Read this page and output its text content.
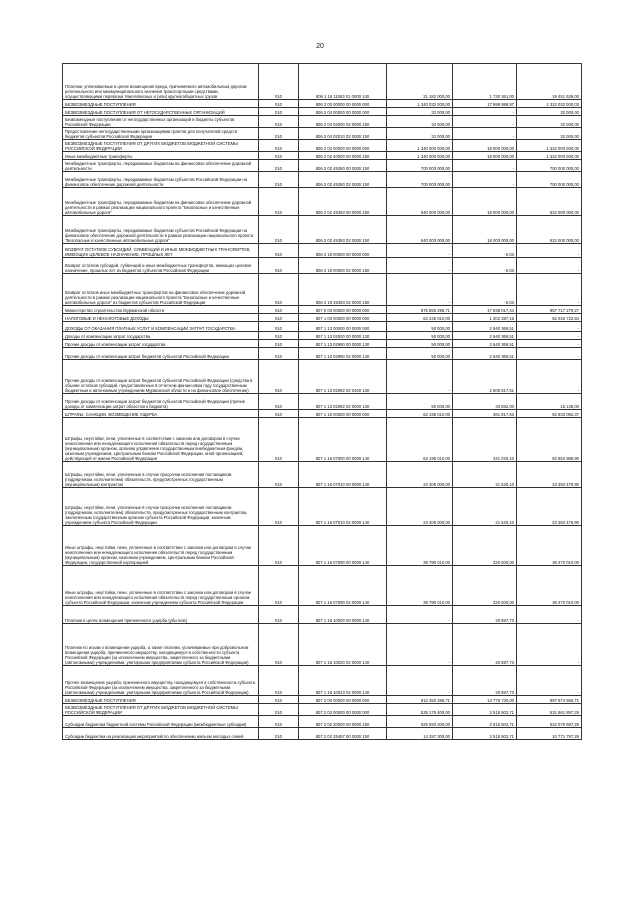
20
Платежи, уплачиваемые в целях возмещения вреда, причиняемого автомобильным дорогам регионального или межмуниципального значения транспортными средствами, осуществляющими перевозки тяжеловесных и (или) крупногабаритных грузов	010	806 1 16 11063 01 0000 140	21 182 000,00	1 730 361,00	19 451 639,00
БЕЗВОЗМЕЗДНЫЕ ПОСТУПЛЕНИЯ	010	806 2 00 00000 00 0000 000	1 340 032 000,00	17 999 999,97	1 322 032 000,03
БЕЗВОЗМЕЗДНЫЕ ПОСТУПЛЕНИЯ ОТ НЕГОСУДАРСТВЕННЫХ ОРГАНИЗАЦИЙ	010	806 2 04 00000 00 0000 000	32 000,00	-	32 000,00
Безвозмездные поступления от негосударственных организаций в бюджеты субъектов Российской Федерации	010	806 2 04 02000 02 0000 150	32 000,00	-	32 000,00
Предоставление негосударственными организациями грантов для получателей средств бюджетов субъектов Российской Федерации	010	806 2 04 02010 02 0000 150	32 000,00	-	32 000,00
БЕЗВОЗМЕЗДНЫЕ ПОСТУПЛЕНИЯ ОТ ДРУГИХ БЮДЖЕТОВ БЮДЖЕТНОЙ СИСТЕМЫ РОССИЙСКОЙ ФЕДЕРАЦИИ	010	806 2 02 00000 00 0000 000	1 340 000 000,00	18 000 000,00	1 322 000 000,00
Иные межбюджетные трансферты	010	806 2 02 40000 00 0000 150	1 340 000 000,00	18 000 000,00	1 322 000 000,00
Межбюджетные трансферты, передаваемые бюджетам на финансовое обеспечение дорожной деятельности	010	806 2 02 45390 00 0000 150	700 000 000,00	-	700 000 000,00
Межбюджетные трансферты, передаваемые бюджетам субъектов Российской Федерации на финансовое обеспечение дорожной деятельности	010	806 2 02 45390 02 0000 150	700 000 000,00	-	700 000 000,00
Межбюджетные трансферты, передаваемые бюджетам на финансовое обеспечение дорожной деятельности в рамках реализации национального проекта "Безопасные и качественные автомобильные дороги"	010	806 2 02 45393 00 0000 150	640 000 000,00	18 000 000,00	622 000 000,00
Межбюджетные трансферты, передаваемые бюджетам субъектов Российской Федерации на финансовое обеспечение дорожной деятельности в рамках реализации национального проекта "Безопасные и качественные автомобильные дороги"	010	806 2 02 45393 02 0000 150	640 000 000,00	18 000 000,00	622 000 000,00
ВОЗВРАТ ОСТАТКОВ СУБСИДИЙ, СУБВЕНЦИЙ И ИНЫХ МЕЖБЮДЖЕТНЫХ ТРАНСФЕРТОВ, ИМЕЮЩИХ ЦЕЛЕВОЕ НАЗНАЧЕНИЕ, ПРОШЛЫХ ЛЕТ	010	806 2 19 00000 00 0000 000	-	-0,03	-
Возврат остатков субсидий, субвенций и иных межбюджетных трансфертов, имеющих целевое назначение, прошлых лет из бюджетов субъектов Российской Федерации	010	806 2 19 00000 02 0000 150	-	-0,03	-
Возврат остатков иных межбюджетных трансфертов на финансовое обеспечение дорожной деятельности в рамках реализации национального проекта "Безопасные и качественные автомобильные дороги" из бюджетов субъектов Российской Федерации	010	806 2 19 45393 02 0000 150	-	-0,03	-
Министерство строительства Мурманской области	010	807 0 00 00000 00 0000 000	975 655 296,71	17 938 017,44	957 717 279,27
НАЛОГОВЫЕ И НЕНАЛОГОВЫЕ ДОХОДЫ	010	807 1 00 00000 00 0000 000	63 245 010,00	1 202 287,16	62 042 722,84
ДОХОДЫ ОТ ОКАЗАНИЯ ПЛАТНЫХ УСЛУГ И КОМПЕНСАЦИИ ЗАТРАТ ГОСУДАРСТВА	010	807 1 13 00000 00 0000 000	50 000,00	2 640 369,51	-
Доходы от компенсации затрат государства	010	807 1 13 02000 00 0000 130	50 000,00	2 640 369,51	-
Прочие доходы от компенсации затрат государства	010	807 1 13 02990 00 0000 130	50 000,00	2 640 369,51	-
Прочие доходы от компенсации затрат бюджетов субъектов Российской Федерации	010	807 1 13 02990 02 0000 130	50 000,00	2 640 369,51	-
Прочие доходы от компенсации затрат бюджетов субъектов Российской Федерации (средства в объеме остатков субсидий, предоставленных в отчетном финансовом году государственным бюджетным и автономным учреждениям Мурманской области и на финансовое обеспечение)	010	807 1 13 02992 02 0400 130	-	2 606 517,51	-
Прочие доходы от компенсации затрат бюджетов субъектов Российской Федерации (прочие доходы от компенсации затрат областного бюджета)	010	807 1 13 02992 02 0000 130	50 000,00	33 852,00	16 148,00
ШТРАФЫ, САНКЦИИ, ВОЗМЕЩЕНИЕ УЩЕРБА	010	807 1 16 00000 00 0000 000	63 195 010,00	361 917,63	62 833 092,37
Штрафы, неустойки, пени, уплаченные в соответствии с законом или договором в случае неисполнения или ненадлежащего исполнения обязательств перед государственным (муниципальным) органом, органом управления государственным внебюджетным фондом, казенным учреждением, Центральным банком Российской Федерации, иной организацией, действующей от имени Российской Федерации	010	807 1 16 07000 00 0000 140	63 195 010,00	341 020,10	62 853 989,90
Штрафы, неустойки, пени, уплаченные в случае просрочки исполнения поставщиком (подрядчиком, исполнителем) обязательств, предусмотренных государственным (муниципальным) контрактом	010	807 1 16 07010 00 0000 140	23 405 000,00	21 520,10	23 383 479,90
Штрафы, неустойки, пени, уплаченные в случае просрочки исполнения поставщиком (подрядчиком, исполнителем) обязательств, предусмотренных государственным контрактом, заключенным государственным органом субъекта Российской Федерации, казенным учреждением субъекта Российской Федерации	010	807 1 16 07010 02 0000 140	23 405 000,00	21 520,10	23 383 479,90
Иные штрафы, неустойки, пени, уплаченные в соответствии с законом или договором в случае неисполнения или ненадлежащего исполнения обязательств перед государственным (муниципальным) органом, казенным учреждением, Центральным банком Российской Федерации, государственной корпорацией	010	807 1 16 07090 00 0000 140	39 790 010,00	320 000,00	39 470 010,00
Иные штрафы, неустойки, пени, уплаченные в соответствии с законом или договором в случае неисполнения или ненадлежащего исполнения обязательств перед государственным органом субъекта Российской Федерации, казенным учреждением субъекта Российской Федерации	010	807 1 16 07090 02 0000 140	39 790 010,00	320 000,00	39 470 010,00
Платежи в целях возмещения причиненного ущерба (убытков)	010	807 1 16 10000 00 0000 140	-	20 897,73	-
Платежи по искам о возмещении ущерба, а также платежи, уплачиваемые при добровольном возмещении ущерба, причиненного имуществу, находящемуся в собственности субъекта Российской Федерации (за исключением имущества, закрепленного за бюджетными (автономными) учреждениями, унитарными предприятиями субъекта Российской Федерации)	010	807 1 16 10020 02 0000 140	-	20 897,73	-
Прочее возмещение ущерба, причиненного имуществу, находящемуся в собственности субъекта Российской Федерации (за исключением имущества, закрепленного за бюджетными (автономными) учреждениями, унитарными предприятиями субъекта Российской Федерации)	010	807 1 16 10023 02 0000 140	-	20 897,73	-
БЕЗВОЗМЕЗДНЫЕ ПОСТУПЛЕНИЯ	010	807 2 00 00000 00 0000 000	912 450 286,71	14 775 730,00	897 674 556,71
БЕЗВОЗМЕЗДНЫЕ ПОСТУПЛЕНИЯ ОТ ДРУГИХ БЮДЖЕТОВ БЮДЖЕТНОЙ СИСТЕМЫ РОССИЙСКОЙ ФЕДЕРАЦИИ	010	807 2 02 00000 00 0000 000	535 175 400,00	3 515 502,71	531 661 897,29
Субсидии бюджетам бюджетной системы Российской Федерации (межбюджетные субсидии)	010	807 2 02 20000 00 0000 150	525 593 200,00	3 515 502,71	522 079 697,29
Субсидии бюджетам на реализацию мероприятий по обеспечению жильем молодых семей	010	807 2 02 25497 00 0000 150	14 287 300,00	3 515 502,71	10 771 797,29
